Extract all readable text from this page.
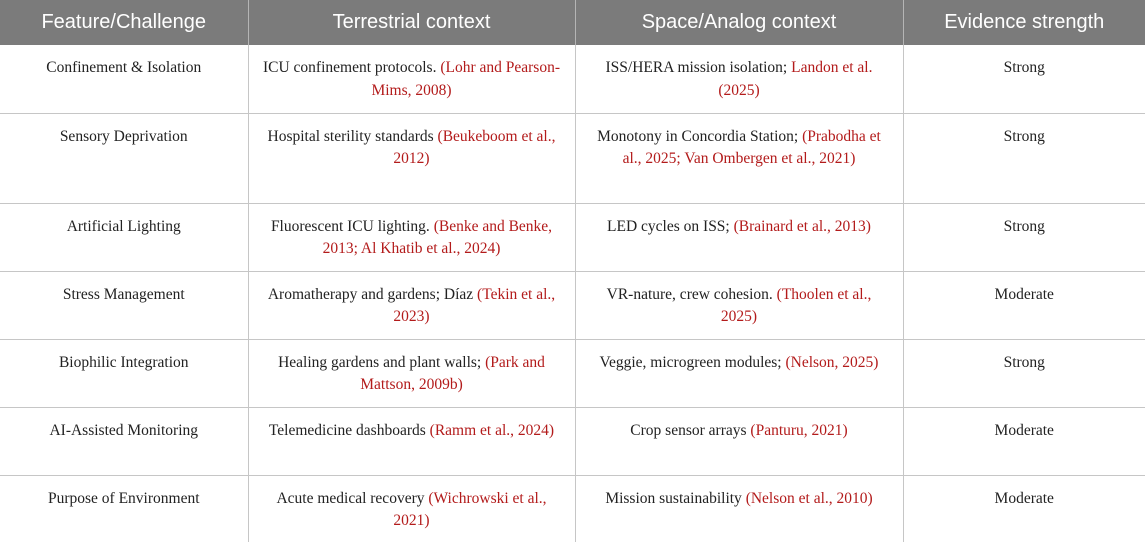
Feature/Challenge	Terrestrial context	Space/Analog context	Evidence strength
Confinement & Isolation	ICU confinement protocols. (Lohr and Pearson-Mims, 2008)	ISS/HERA mission isolation; Landon et al. (2025)	Strong
Sensory Deprivation	Hospital sterility standards (Beukeboom et al., 2012)	Monotony in Concordia Station; (Prabodha et al., 2025; Van Ombergen et al., 2021)	Strong
Artificial Lighting	Fluorescent ICU lighting. (Benke and Benke, 2013; Al Khatib et al., 2024)	LED cycles on ISS; (Brainard et al., 2013)	Strong
Stress Management	Aromatherapy and gardens; Díaz (Tekin et al., 2023)	VR-nature, crew cohesion. (Thoolen et al., 2025)	Moderate
Biophilic Integration	Healing gardens and plant walls; (Park and Mattson, 2009b)	Veggie, microgreen modules; (Nelson, 2025)	Strong
AI-Assisted Monitoring	Telemedicine dashboards (Ramm et al., 2024)	Crop sensor arrays (Panturu, 2021)	Moderate
Purpose of Environment	Acute medical recovery (Wichrowski et al., 2021)	Mission sustainability (Nelson et al., 2010)	Moderate
